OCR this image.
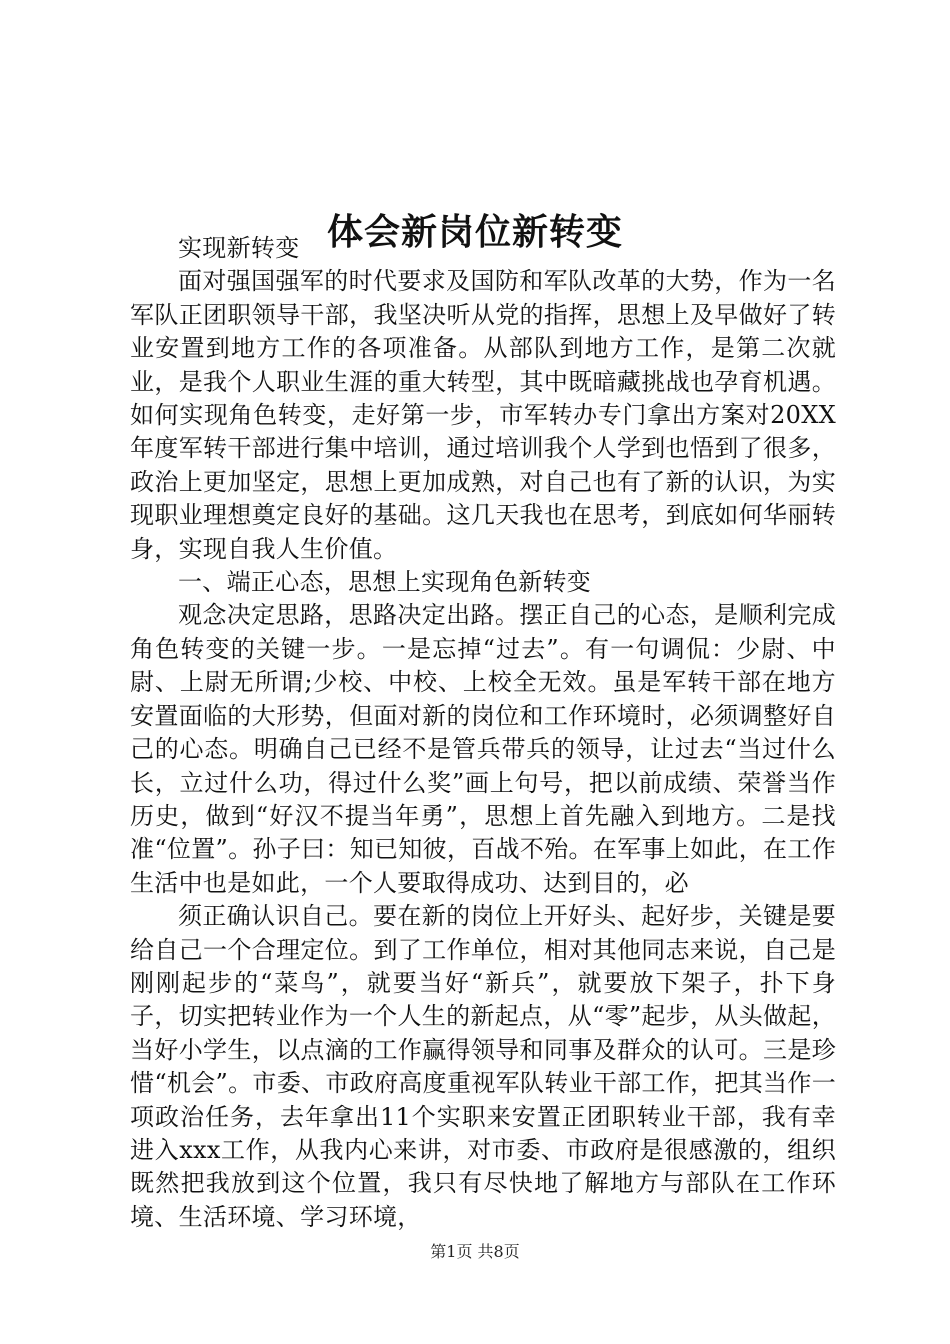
体会新岗位新转变

实现新转变

面对强国强军的时代要求及国防和军队改革的大势，作为一名军队正团职领导干部，我坚决听从党的指挥，思想上及早做好了转业安置到地方工作的各项准备。从部队到地方工作，是第二次就业，是我个人职业生涯的重大转型，其中既暗藏挑战也孕育机遇。如何实现角色转变，走好第一步，市军转办专门拿出方案对20XX年度军转干部进行集中培训，通过培训我个人学到也悟到了很多，政治上更加坚定，思想上更加成熟，对自己也有了新的认识，为实现职业理想奠定良好的基础。这几天我也在思考，到底如何华丽转身，实现自我人生价值。

一、端正心态，思想上实现角色新转变

观念决定思路，思路决定出路。摆正自己的心态，是顺利完成角色转变的关键一步。一是忘掉“过去”。有一句调侃：少尉、中尉、上尉无所谓;少校、中校、上校全无效。虽是军转干部在地方安置面临的大形势，但面对新的岗位和工作环境时，必须调整好自己的心态。明确自己已经不是管兵带兵的领导，让过去“当过什么长，立过什么功，得过什么奖”画上句号，把以前成绩、荣誉当作历史，做到“好汉不提当年勇”，思想上首先融入到地方。二是找准“位置”。孙子曰：知已知彼，百战不殆。在军事上如此，在工作生活中也是如此，一个人要取得成功、达到目的，必

须正确认识自己。要在新的岗位上开好头、起好步，关键是要给自己一个合理定位。到了工作单位，相对其他同志来说，自己是刚刚起步的“菜鸟”，就要当好“新兵”，就要放下架子，扑下身子，切实把转业作为一个人生的新起点，从“零”起步，从头做起，当好小学生，以点滴的工作赢得领导和同事及群众的认可。三是珍惜“机会”。市委、市政府高度重视军队转业干部工作，把其当作一项政治任务，去年拿出11个实职来安置正团职转业干部，我有幸进入xxx工作，从我内心来讲，对市委、市政府是很感激的，组织既然把我放到这个位置，我只有尽快地了解地方与部队在工作环境、生活环境、学习环境，

第1页 共8页
